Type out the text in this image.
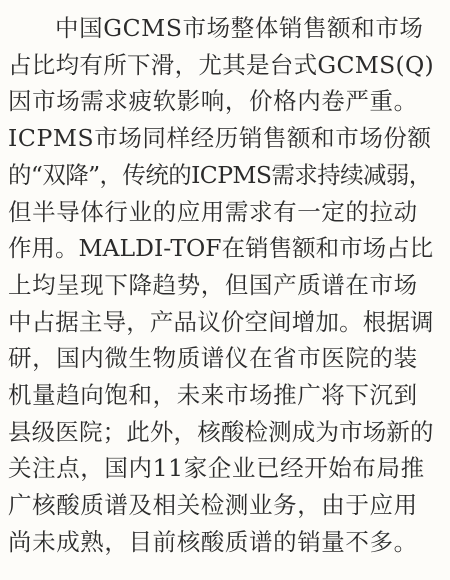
中国GCMS市场整体销售额和市场
占比均有所下滑，尤其是台式GCMS(Q)
因市场需求疲软影响，价格内卷严重。
ICPMS市场同样经历销售额和市场份额
的“双降”，传统的ICPMS需求持续减弱，
但半导体行业的应用需求有一定的拉动
作用。MALDI-TOF在销售额和市场占比
上均呈现下降趋势，但国产质谱在市场
中占据主导，产品议价空间增加。根据调
研，国内微生物质谱仪在省市医院的装
机量趋向饱和，未来市场推广将下沉到
县级医院；此外，核酸检测成为市场新的
关注点，国内11家企业已经开始布局推
广核酸质谱及相关检测业务，由于应用
尚未成熟，目前核酸质谱的销量不多。
